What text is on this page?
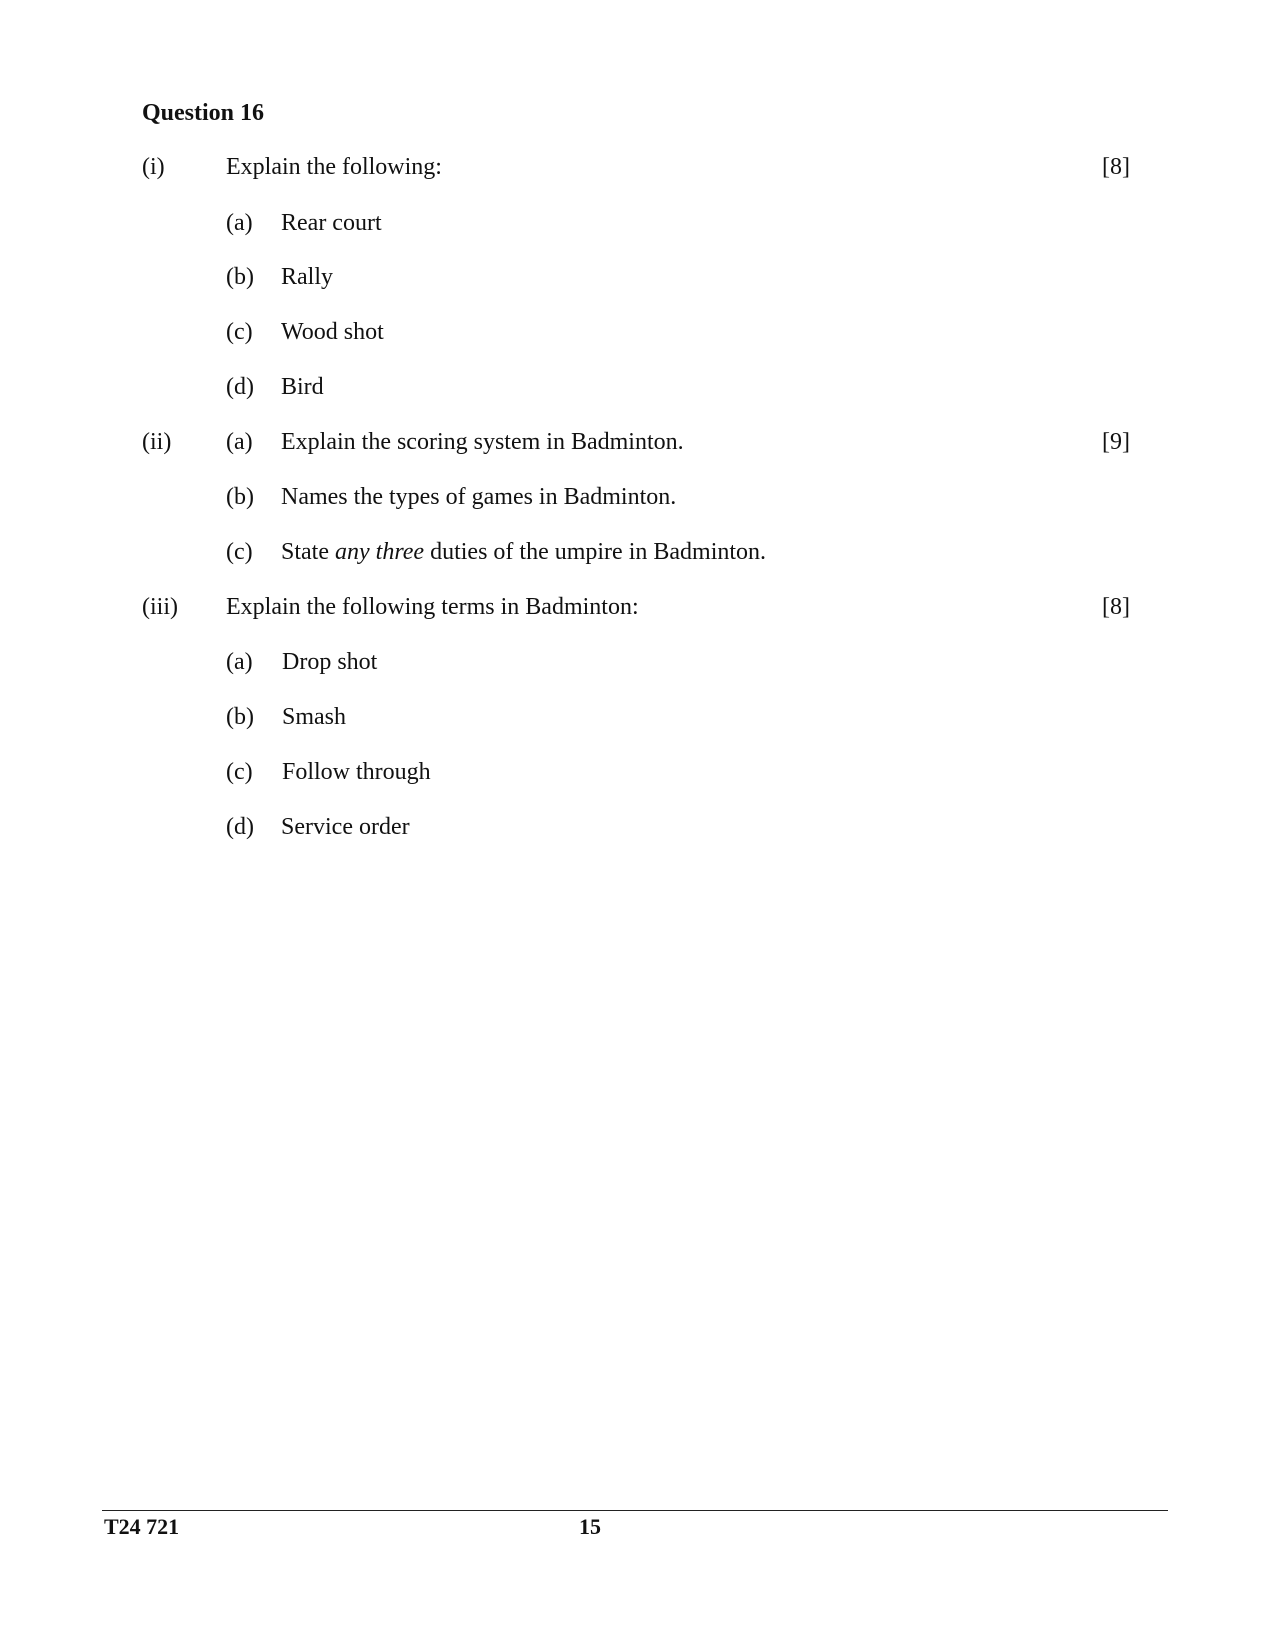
Question 16
(i)	Explain the following:	[8]
(a) Rear court
(b) Rally
(c) Wood shot
(d) Bird
(ii) (a) Explain the scoring system in Badminton.	[9]
(b) Names the types of games in Badminton.
(c) State any three duties of the umpire in Badminton.
(iii) Explain the following terms in Badminton:	[8]
(a) Drop shot
(b) Smash
(c) Follow through
(d) Service order
T24 721	15
